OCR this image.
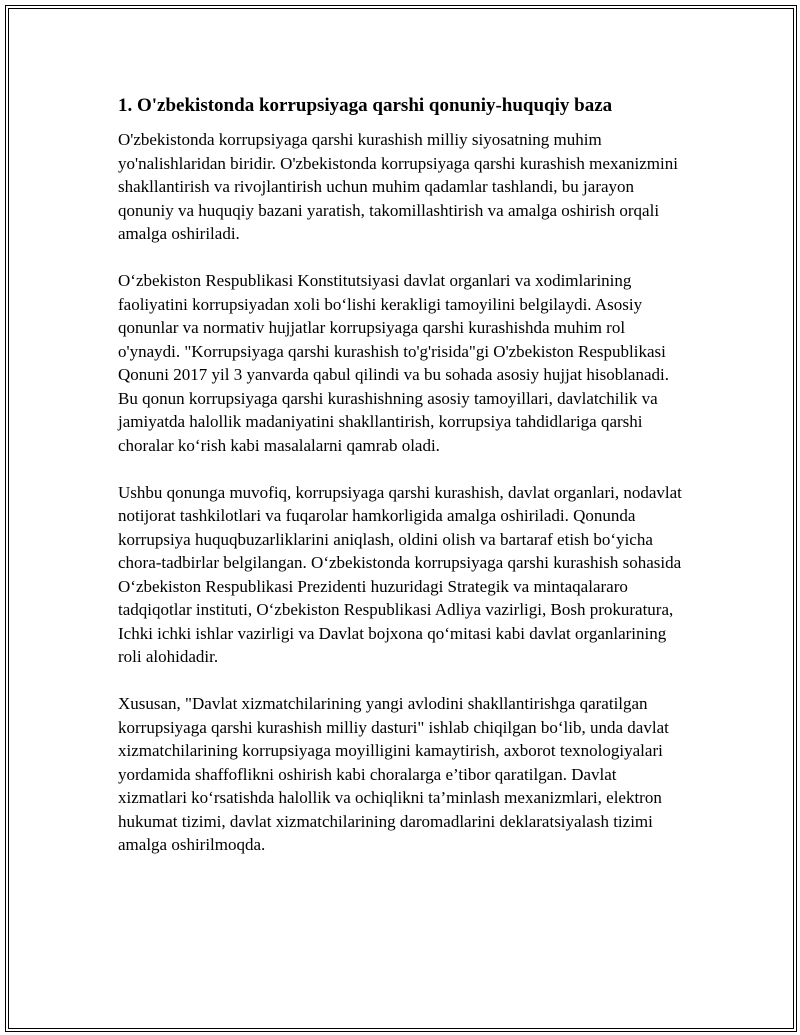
1. O'zbekistonda korrupsiyaga qarshi qonuniy-huquqiy baza

O'zbekistonda korrupsiyaga qarshi kurashish milliy siyosatning muhim yo'nalishlaridan biridir. O'zbekistonda korrupsiyaga qarshi kurashish mexanizmini shakllantirish va rivojlantirish uchun muhim qadamlar tashlandi, bu jarayon qonuniy va huquqiy bazani yaratish, takomillashtirish va amalga oshirish orqali amalga oshiriladi.

O‘zbekiston Respublikasi Konstitutsiyasi davlat organlari va xodimlarining faoliyatini korrupsiyadan xoli bo‘lishi kerakligi tamoyilini belgilaydi. Asosiy qonunlar va normativ hujjatlar korrupsiyaga qarshi kurashishda muhim rol o'ynaydi. "Korrupsiyaga qarshi kurashish to'g'risida"gi O'zbekiston Respublikasi Qonuni 2017 yil 3 yanvarda qabul qilindi va bu sohada asosiy hujjat hisoblanadi. Bu qonun korrupsiyaga qarshi kurashishning asosiy tamoyillari, davlatchilik va jamiyatda halollik madaniyatini shakllantirish, korrupsiya tahdidlariga qarshi choralar ko‘rish kabi masalalarni qamrab oladi.

Ushbu qonunga muvofiq, korrupsiyaga qarshi kurashish, davlat organlari, nodavlat notijorat tashkilotlari va fuqarolar hamkorligida amalga oshiriladi. Qonunda korrupsiya huquqbuzarliklarini aniqlash, oldini olish va bartaraf etish bo‘yicha chora-tadbirlar belgilangan. O‘zbekistonda korrupsiyaga qarshi kurashish sohasida O‘zbekiston Respublikasi Prezidenti huzuridagi Strategik va mintaqalararo tadqiqotlar instituti, O‘zbekiston Respublikasi Adliya vazirligi, Bosh prokuratura, Ichki ichki ishlar vazirligi va Davlat bojxona qo‘mitasi kabi davlat organlarining roli alohidadir.

Xususan, "Davlat xizmatchilarining yangi avlodini shakllantirishga qaratilgan korrupsiyaga qarshi kurashish milliy dasturi" ishlab chiqilgan bo‘lib, unda davlat xizmatchilarining korrupsiyaga moyilligini kamaytirish, axborot texnologiyalari yordamida shaffoflikni oshirish kabi choralarga e’tibor qaratilgan. Davlat xizmatlari ko‘rsatishda halollik va ochiqlikni ta’minlash mexanizmlari, elektron hukumat tizimi, davlat xizmatchilarining daromadlarini deklaratsiyalash tizimi amalga oshirilmoqda.
